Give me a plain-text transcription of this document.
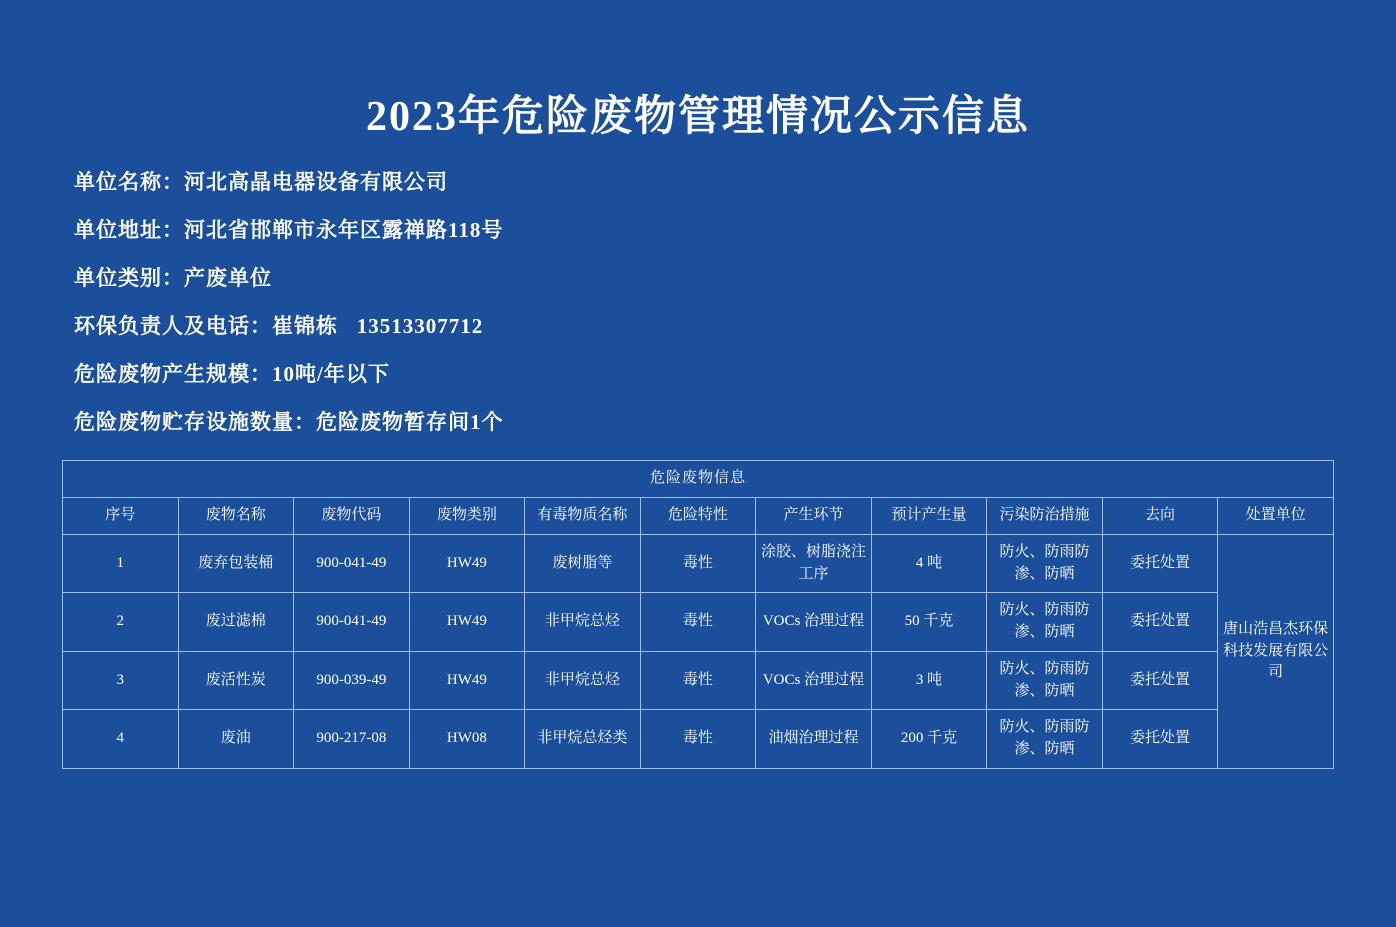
2023年危险废物管理情况公示信息
单位名称：河北高晶电器设备有限公司
单位地址：河北省邯郸市永年区露禅路118号
单位类别：产废单位
环保负责人及电话：崔锦栋   13513307712
危险废物产生规模：10吨/年以下
危险废物贮存设施数量：危险废物暂存间1个
危险废物信息										
序号	废物名称	废物代码	废物类别	有毒物质名称	危险特性	产生环节	预计产生量	污染防治措施	去向	处置单位
1	废弃包装桶	900-041-49	HW49	废树脂等	毒性	涂胶、树脂浇注工序	4 吨	防火、防雨防渗、防晒	委托处置	唐山浩昌杰环保科技发展有限公司
2	废过滤棉	900-041-49	HW49	非甲烷总烃	毒性	VOCs 治理过程	50 千克	防火、防雨防渗、防晒	委托处置	
3	废活性炭	900-039-49	HW49	非甲烷总烃	毒性	VOCs 治理过程	3 吨	防火、防雨防渗、防晒	委托处置	
4	废油	900-217-08	HW08	非甲烷总烃类	毒性	油烟治理过程	200 千克	防火、防雨防渗、防晒	委托处置	
